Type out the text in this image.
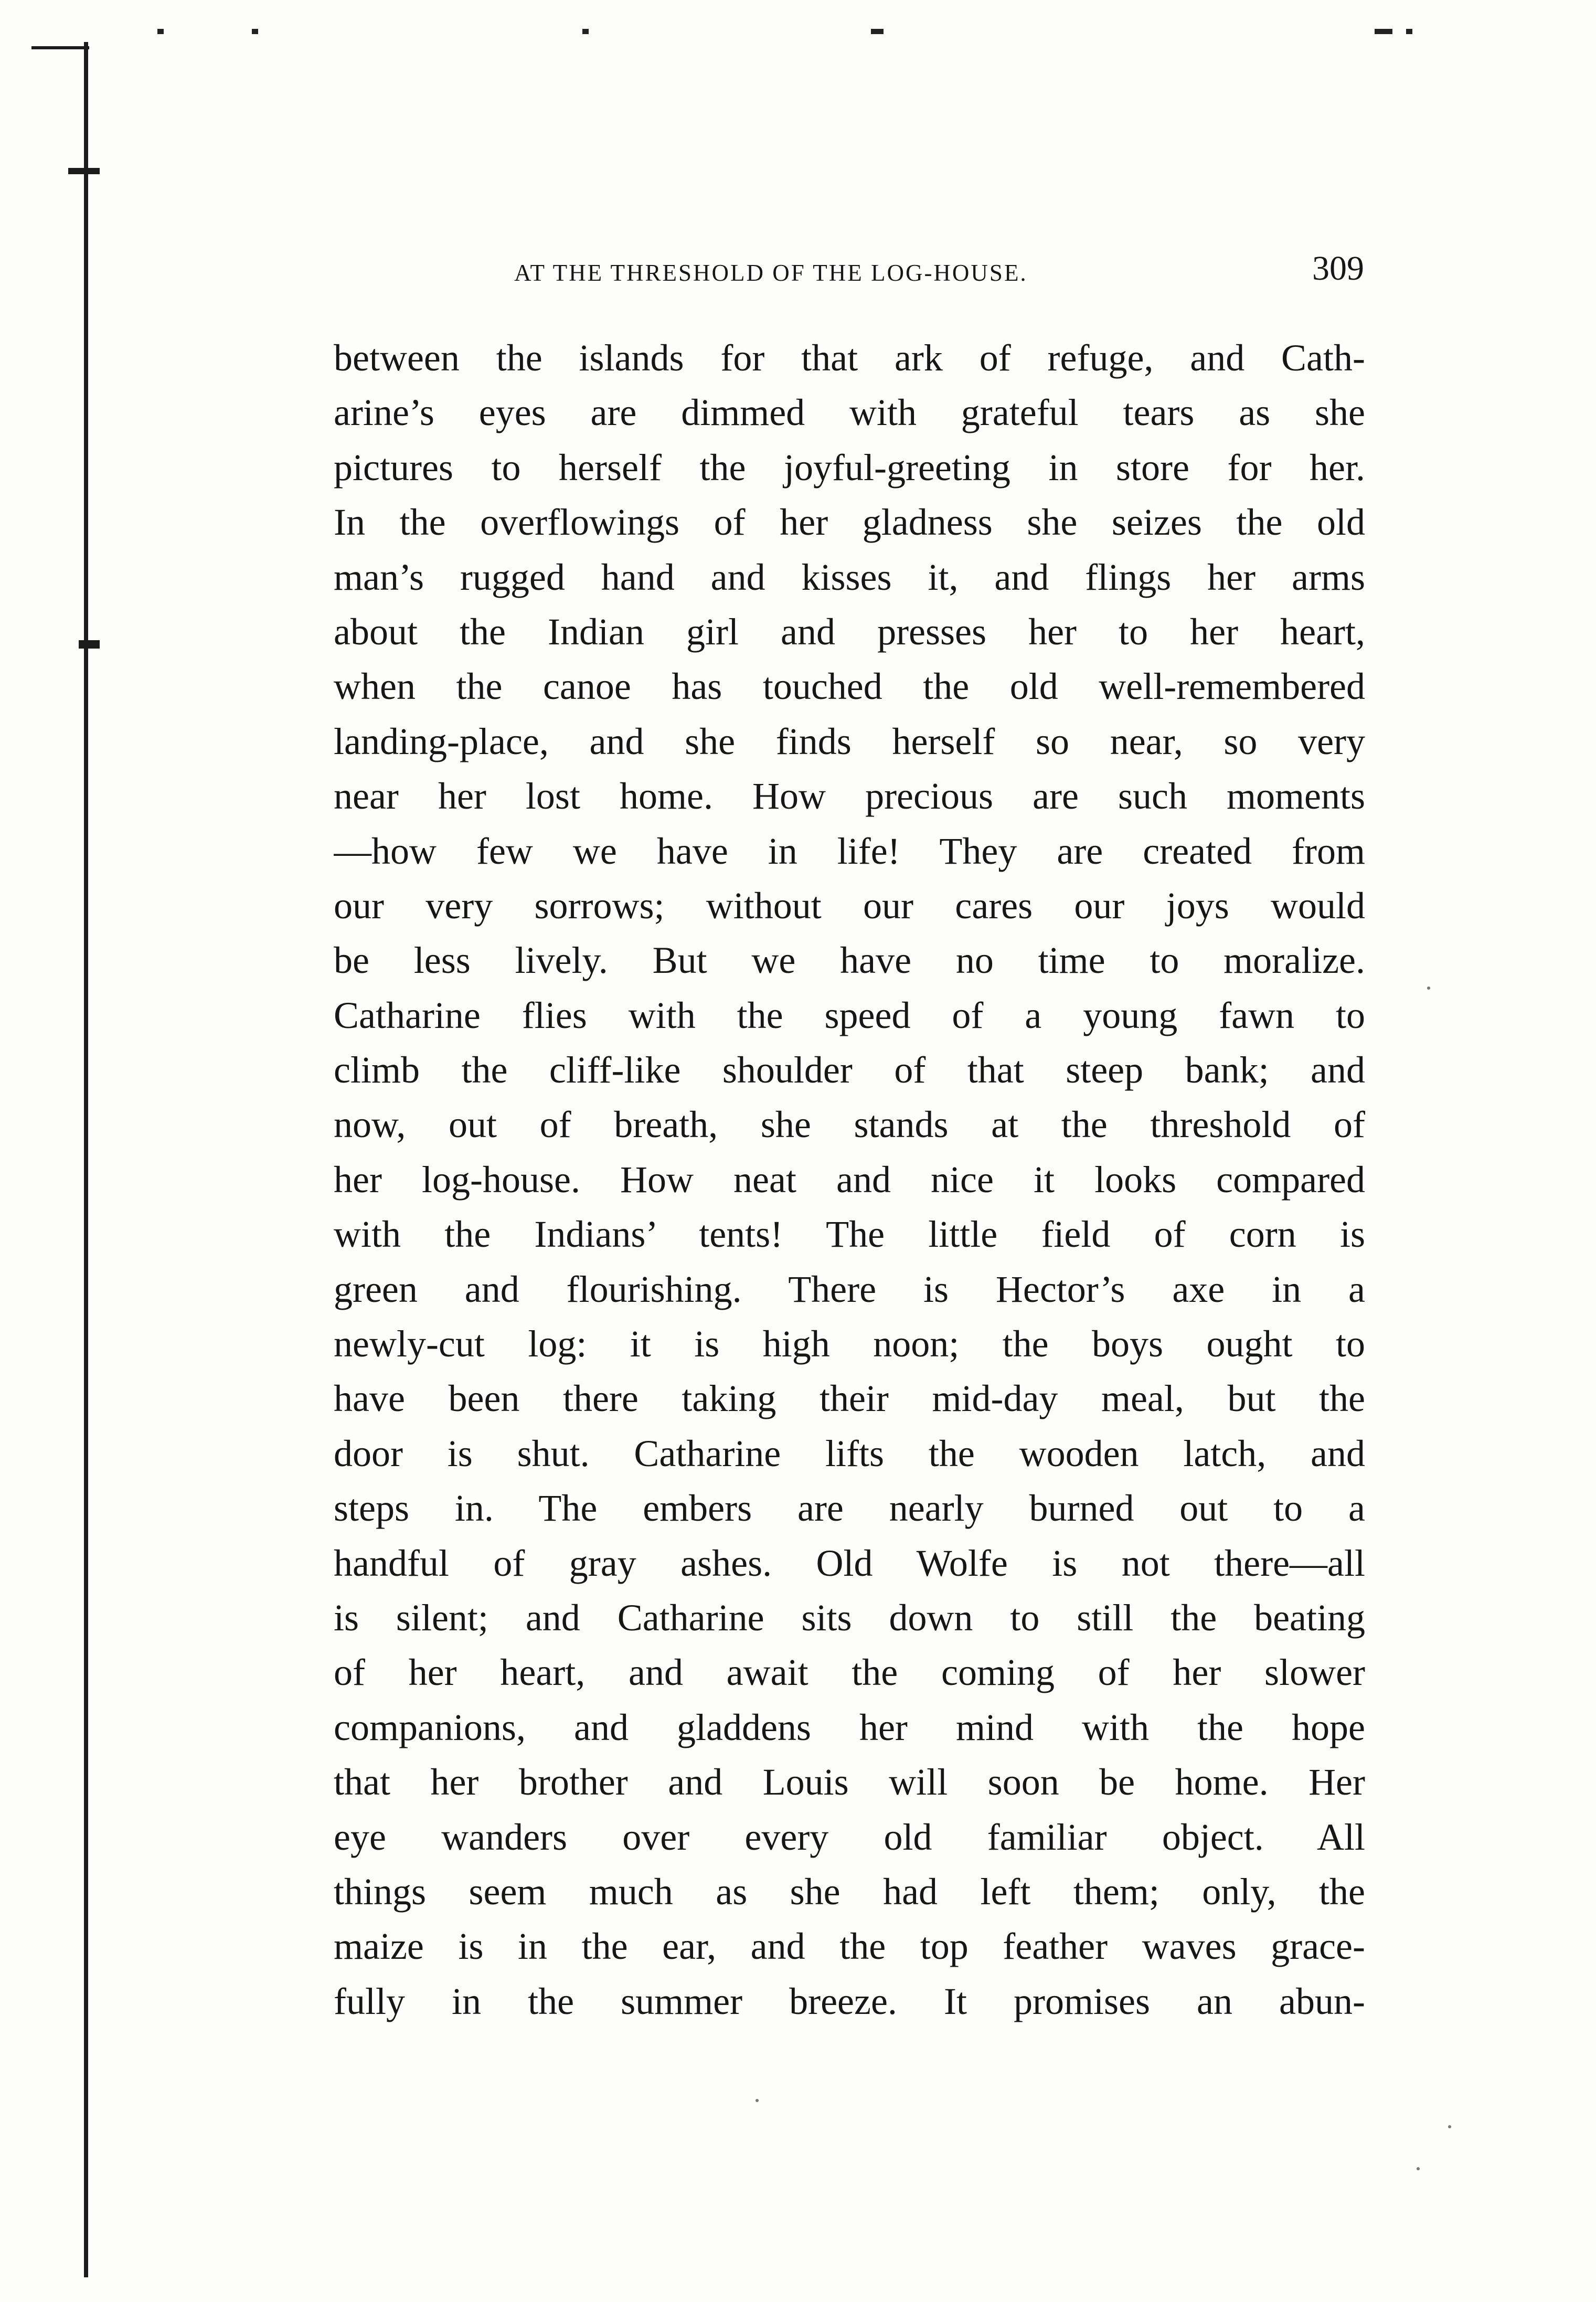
AT THE THRESHOLD OF THE LOG-HOUSE.	309
between the islands for that ark of refuge, and Cath-
arine’s eyes are dimmed with grateful tears as she
pictures to herself the joyful-greeting in store for her.
In the overflowings of her gladness she seizes the old
man’s rugged hand and kisses it, and flings her arms
about the Indian girl and presses her to her heart,
when the canoe has touched the old well-remembered
landing-place, and she finds herself so near, so very
near her lost home. How precious are such moments
—how few we have in life! They are created from
our very sorrows; without our cares our joys would
be less lively. But we have no time to moralize.
Catharine flies with the speed of a young fawn to
climb the cliff-like shoulder of that steep bank; and
now, out of breath, she stands at the threshold of
her log-house. How neat and nice it looks compared
with the Indians’ tents! The little field of corn is
green and flourishing. There is Hector’s axe in a
newly-cut log: it is high noon; the boys ought to
have been there taking their mid-day meal, but the
door is shut. Catharine lifts the wooden latch, and
steps in. The embers are nearly burned out to a
handful of gray ashes. Old Wolfe is not there—all
is silent; and Catharine sits down to still the beating
of her heart, and await the coming of her slower
companions, and gladdens her mind with the hope
that her brother and Louis will soon be home. Her
eye wanders over every old familiar object. All
things seem much as she had left them; only, the
maize is in the ear, and the top feather waves grace-
fully in the summer breeze. It promises an abun-
